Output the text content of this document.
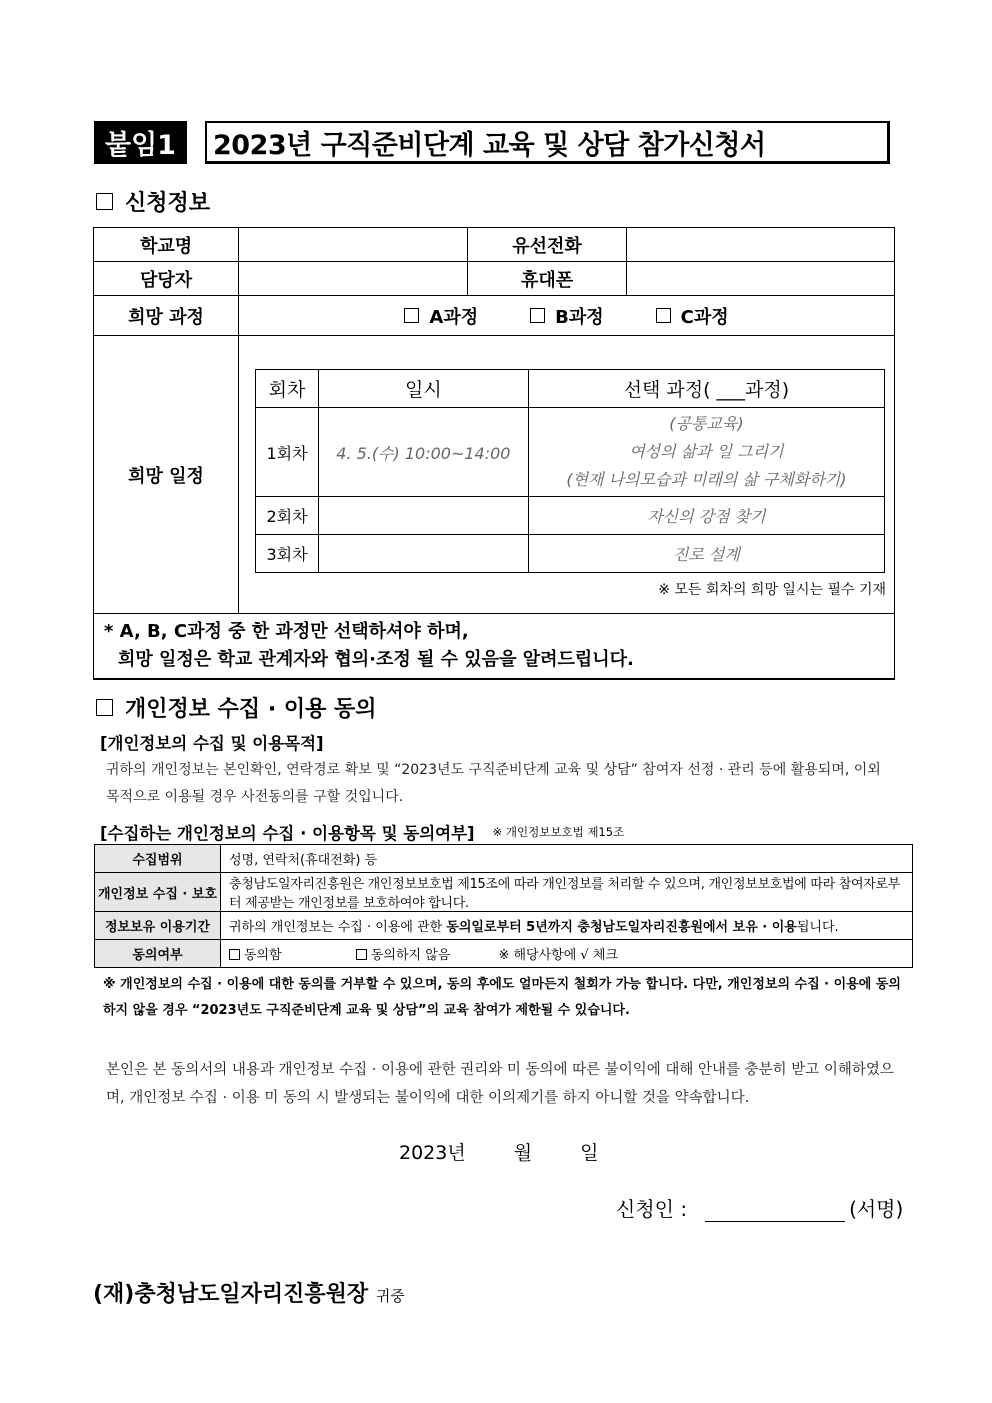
붙임1	2023년 구직준비단계 교육 및 상담 참가신청서
신청정보
학교명		유선전화	
담당자		휴대폰	
희망 과정	A과정	B과정	C과정

희망 일정	
회차	일시	선택 과정( ___과정)
1회차	4. 5.(수) 10:00~14:00	
(공통교육)
여성의 삶과 일 그리기
(현재 나의모습과 미래의 삶 구체화하기)

2회차		자신의 강점 찾기
3회차		진로 설계
※ 모든 회차의 희망 일시는 필수 기재

* A, B, C과정 중 한 과정만 선택하셔야 하며,
희망 일정은 학교 관계자와 협의·조정 될 수 있음을 알려드립니다.
개인정보 수집 · 이용 동의
[개인정보의 수집 및 이용목적]
귀하의 개인정보는 본인확인, 연락경로 확보 및 “2023년도 구직준비단계 교육 및 상담” 참여자 선정 · 관리 등에 활용되며, 이외 목적으로 이용될 경우 사전동의를 구할 것입니다.
[수집하는 개인정보의 수집 · 이용항목 및 동의여부] ※ 개인정보보호법 제15조
수집범위	성명, 연락처(휴대전화) 등
개인정보 수집 · 보호	충청남도일자리진흥원은 개인정보보호법 제15조에 따라 개인정보를 처리할 수 있으며, 개인정보보호법에 따라 참여자로부터 제공받는 개인정보를 보호하여야 합니다.
정보보유 이용기간	귀하의 개인정보는 수집 · 이용에 관한 동의일로부터 5년까지 충청남도일자리진흥원에서 보유 · 이용됩니다.
동의여부	동의함 동의하지 않음 ※ 해당사항에 √ 체크
※ 개인정보의 수집 · 이용에 대한 동의를 거부할 수 있으며, 동의 후에도 얼마든지 철회가 가능 합니다. 다만, 개인정보의 수집 · 이용에 동의하지 않을 경우 “2023년도 구직준비단계 교육 및 상담”의 교육 참여가 제한될 수 있습니다.
본인은 본 동의서의 내용과 개인정보 수집 · 이용에 관한 권리와 미 동의에 따른 불이익에 대해 안내를 충분히 받고 이해하였으며, 개인정보 수집 · 이용 미 동의 시 발생되는 불이익에 대한 이의제기를 하지 아니할 것을 약속합니다.
2023년	월	일
신청인 :	(서명)
(재)충청남도일자리진흥원장 귀중
